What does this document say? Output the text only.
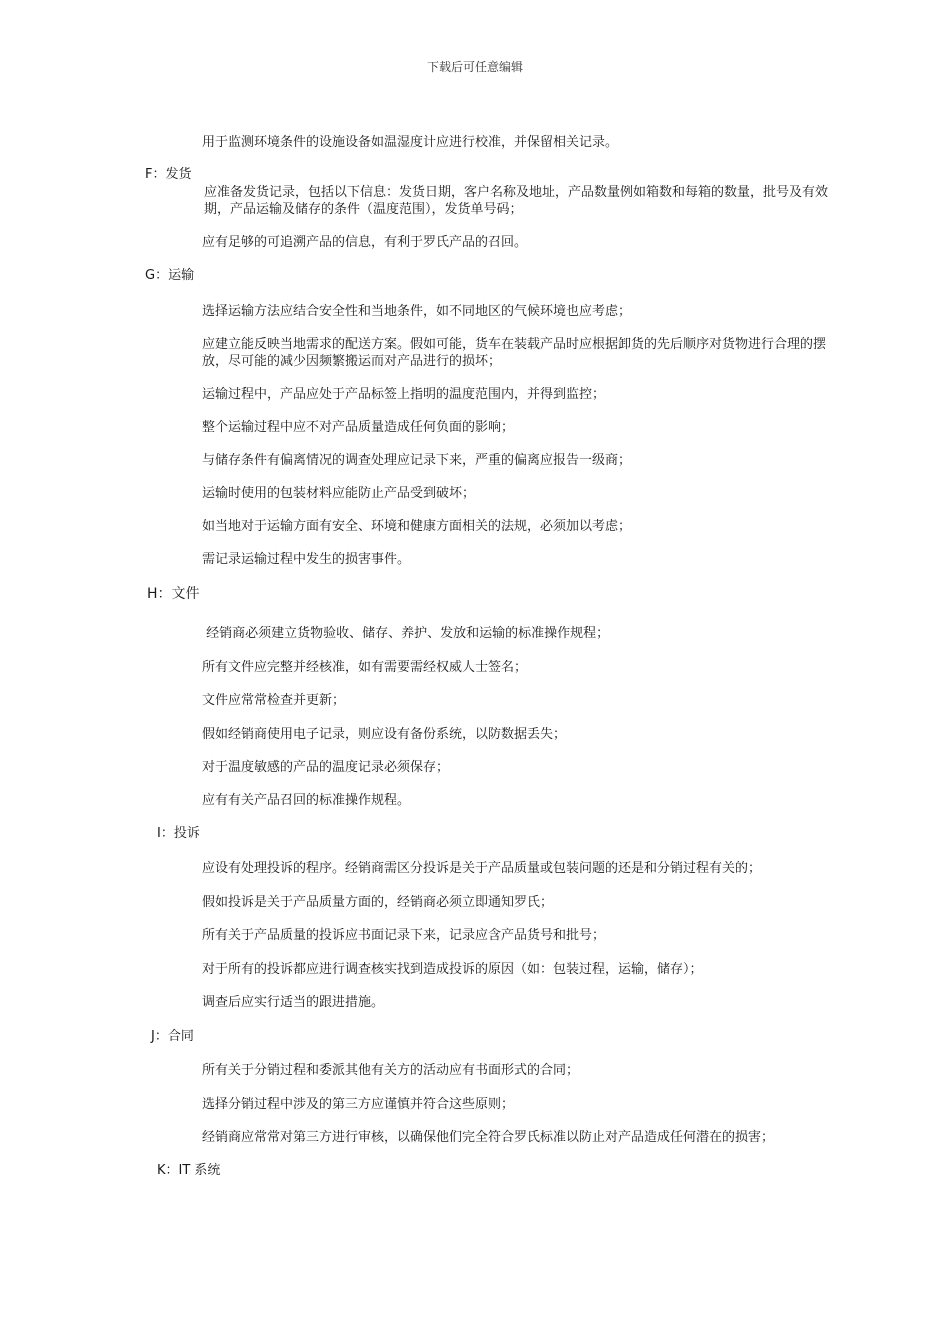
下载后可任意编辑
用于监测环境条件的设施设备如温湿度计应进行校准，并保留相关记录。
F：发货
应准备发货记录，包括以下信息：发货日期，客户名称及地址，产品数量例如箱数和每箱的数量，批号及有效期，产品运输及储存的条件（温度范围），发货单号码；
应有足够的可追溯产品的信息，有利于罗氏产品的召回。
G：运输
选择运输方法应结合安全性和当地条件，如不同地区的气候环境也应考虑；
应建立能反映当地需求的配送方案。假如可能，货车在装载产品时应根据卸货的先后顺序对货物进行合理的摆放，尽可能的减少因频繁搬运而对产品进行的损坏；
运输过程中，产品应处于产品标签上指明的温度范围内，并得到监控；
整个运输过程中应不对产品质量造成任何负面的影响；
与储存条件有偏离情况的调查处理应记录下来，严重的偏离应报告一级商；
运输时使用的包装材料应能防止产品受到破坏；
如当地对于运输方面有安全、环境和健康方面相关的法规，必须加以考虑；
需记录运输过程中发生的损害事件。
H：文件
经销商必须建立货物验收、储存、养护、发放和运输的标准操作规程；
所有文件应完整并经核准，如有需要需经权威人士签名；
文件应常常检查并更新；
假如经销商使用电子记录，则应设有备份系统，以防数据丢失；
对于温度敏感的产品的温度记录必须保存；
应有有关产品召回的标准操作规程。
I：投诉
应设有处理投诉的程序。经销商需区分投诉是关于产品质量或包装问题的还是和分销过程有关的；
假如投诉是关于产品质量方面的，经销商必须立即通知罗氏；
所有关于产品质量的投诉应书面记录下来，记录应含产品货号和批号；
对于所有的投诉都应进行调查核实找到造成投诉的原因（如：包装过程，运输，储存）；
调查后应实行适当的跟进措施。
J：合同
所有关于分销过程和委派其他有关方的活动应有书面形式的合同；
选择分销过程中涉及的第三方应谨慎并符合这些原则；
经销商应常常对第三方进行审核，以确保他们完全符合罗氏标准以防止对产品造成任何潜在的损害；
K：IT 系统
